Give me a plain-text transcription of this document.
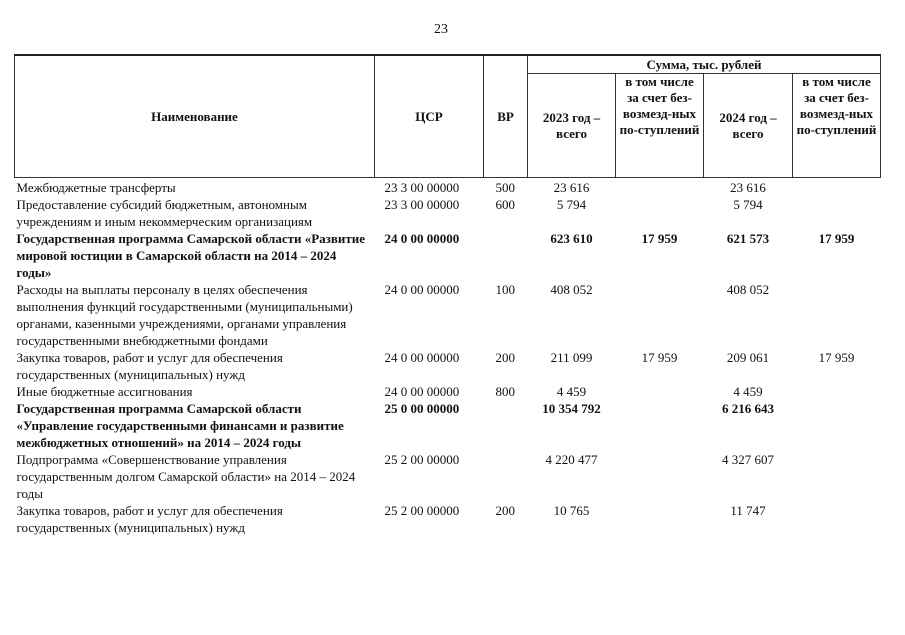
23
Наименование	ЦСР	ВР	Сумма, тыс. рублей			
			2023 год – всего	в том числе за счет без-возмезд-ных по-ступлений	2024 год – всего	в том числе за счет без-возмезд-ных по-ступлений
Межбюджетные трансферты	23 3 00 00000	500	23 616		23 616	
Предоставление субсидий бюджетным, автономным учреждениям и иным некоммерческим организациям	23 3 00 00000	600	5 794		5 794	
Государственная программа Самарской области «Развитие мировой юстиции в Самарской области на 2014 – 2024 годы»	24 0 00 00000		623 610	17 959	621 573	17 959
Расходы на выплаты персоналу в целях обеспечения выполнения функций государственными (муниципальными) органами, казенными учреждениями, органами управления государственными внебюджетными фондами	24 0 00 00000	100	408 052		408 052	
Закупка товаров, работ и услуг для обеспечения государственных (муниципальных) нужд	24 0 00 00000	200	211 099	17 959	209 061	17 959
Иные бюджетные ассигнования	24 0 00 00000	800	4 459		4 459	
Государственная программа Самарской области «Управление государственными финансами и развитие межбюджетных отношений» на 2014 – 2024 годы	25 0 00 00000		10 354 792		6 216 643	
Подпрограмма «Совершенствование управления государственным долгом Самарской области» на 2014 – 2024 годы	25 2 00 00000		4 220 477		4 327 607	
Закупка товаров, работ и услуг для обеспечения государственных (муниципальных) нужд	25 2 00 00000	200	10 765		11 747	
